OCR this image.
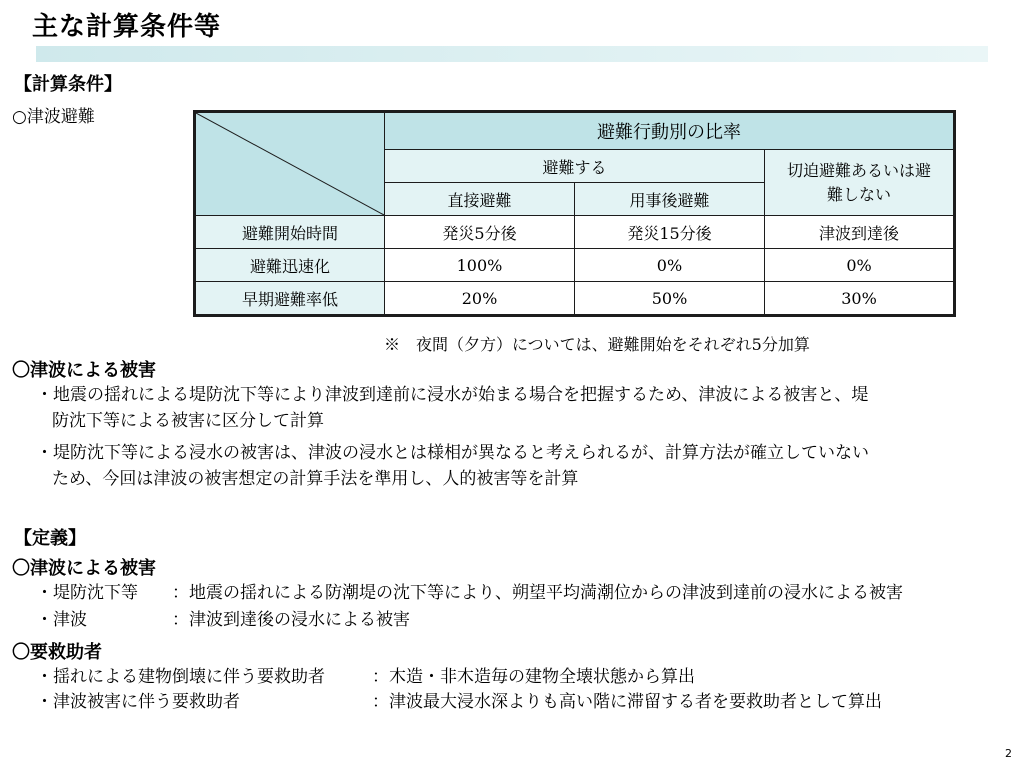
主な計算条件等
【計算条件】
○津波避難
	避難行動別の比率		
	避難する		切迫避難あるいは避難しない
	直接避難	用事後避難	
避難開始時間	発災5分後	発災15分後	津波到達後
避難迅速化	100%	0%	0%
早期避難率低	20%	50%	30%
※　夜間（夕方）については、避難開始をそれぞれ5分加算
〇津波による被害
・地震の揺れによる堤防沈下等により津波到達前に浸水が始まる場合を把握するため、津波による被害と、堤
防沈下等による被害に区分して計算
・堤防沈下等による浸水の被害は、津波の浸水とは様相が異なると考えられるが、計算方法が確立していない
ため、今回は津波の被害想定の計算手法を準用し、人的被害等を計算
【定義】
〇津波による被害
・堤防沈下等 ：地震の揺れによる防潮堤の沈下等により、朔望平均満潮位からの津波到達前の浸水による被害
・津波	：津波到達後の浸水による被害
〇要救助者
・揺れによる建物倒壊に伴う要救助者	：木造・非木造毎の建物全壊状態から算出
・津波被害に伴う要救助者	：津波最大浸水深よりも高い階に滞留する者を要救助者として算出
2
